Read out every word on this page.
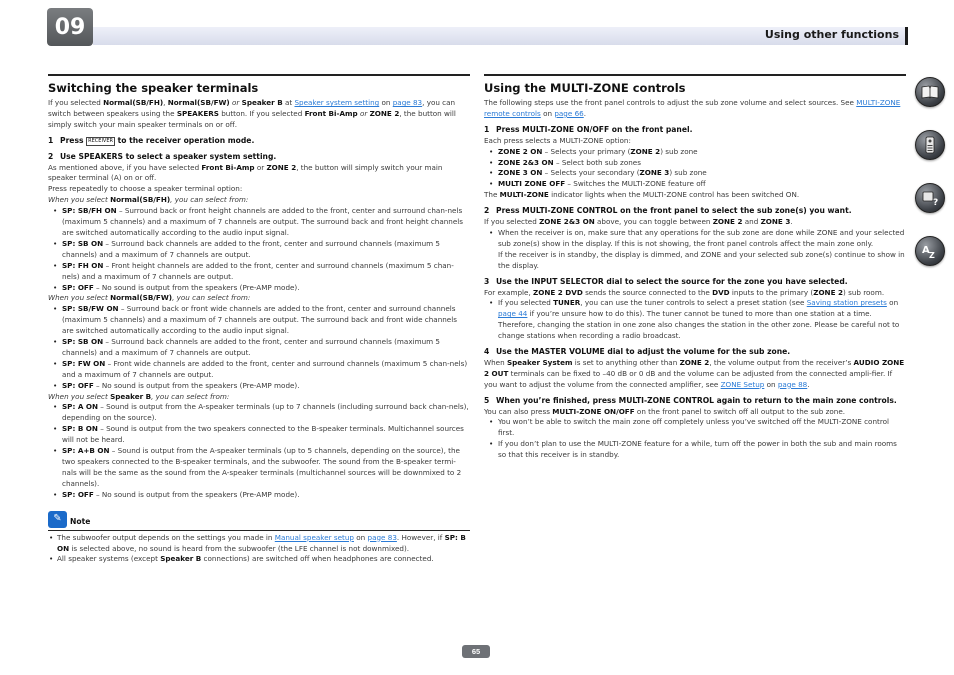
09	Using other functions
Switching the speaker terminals

If you selected Normal(SB/FH), Normal(SB/FW) or Speaker B at Speaker system setting on page 83, you can switch between speakers using the SPEAKERS button. If you selected Front Bi-Amp or ZONE 2, the button will simply switch your main speaker terminals on or off.

1 Press RECEIVER to the receiver operation mode.

2 Use SPEAKERS to select a speaker system setting.

As mentioned above, if you have selected Front Bi-Amp or ZONE 2, the button will simply switch your main speaker terminal (A) on or off.

Press repeatedly to choose a speaker terminal option:

When you select Normal(SB/FH), you can select from:

• SP: SB/FH ON – Surround back or front height channels are added to the front, center and surround chan-nels (maximum 5 channels) and a maximum of 7 channels are output. The surround back and front height channels are switched automatically according to the audio input signal.
• SP: SB ON – Surround back channels are added to the front, center and surround channels (maximum 5 channels) and a maximum of 7 channels are output.
• SP: FH ON – Front height channels are added to the front, center and surround channels (maximum 5 chan-nels) and a maximum of 7 channels are output.
• SP: OFF – No sound is output from the speakers (Pre-AMP mode).

When you select Normal(SB/FW), you can select from:

• SP: SB/FW ON – Surround back or front wide channels are added to the front, center and surround channels (maximum 5 channels) and a maximum of 7 channels are output. The surround back and front wide channels are switched automatically according to the audio input signal.
• SP: SB ON – Surround back channels are added to the front, center and surround channels (maximum 5 channels) and a maximum of 7 channels are output.
• SP: FW ON – Front wide channels are added to the front, center and surround channels (maximum 5 chan-nels) and a maximum of 7 channels are output.
• SP: OFF – No sound is output from the speakers (Pre-AMP mode).

When you select Speaker B, you can select from:

• SP: A ON – Sound is output from the A-speaker terminals (up to 7 channels (including surround back chan-nels), depending on the source).
• SP: B ON – Sound is output from the two speakers connected to the B-speaker terminals. Multichannel sources will not be heard.
• SP: A+B ON – Sound is output from the A-speaker terminals (up to 5 channels, depending on the source), the two speakers connected to the B-speaker terminals, and the subwoofer. The sound from the B-speaker termi-nals will be the same as the sound from the A-speaker terminals (multichannel sources will be downmixed to 2 channels).
• SP: OFF – No sound is output from the speakers (Pre-AMP mode).
✎	Note
• The subwoofer output depends on the settings you made in Manual speaker setup on page 83. However, if SP: B ON is selected above, no sound is heard from the subwoofer (the LFE channel is not downmixed).
• All speaker systems (except Speaker B connections) are switched off when headphones are connected.
Using the MULTI-ZONE controls

The following steps use the front panel controls to adjust the sub zone volume and select sources. See MULTI-ZONE remote controls on page 66.

1 Press MULTI-ZONE ON/OFF on the front panel.

Each press selects a MULTI-ZONE option:

• ZONE 2 ON – Selects your primary (ZONE 2) sub zone
• ZONE 2&3 ON – Select both sub zones
• ZONE 3 ON – Selects your secondary (ZONE 3) sub zone
• MULTI ZONE OFF – Switches the MULTI-ZONE feature off

The MULTI-ZONE indicator lights when the MULTI-ZONE control has been switched ON.

2 Press MULTI-ZONE CONTROL on the front panel to select the sub zone(s) you want.

If you selected ZONE 2&3 ON above, you can toggle between ZONE 2 and ZONE 3.

• When the receiver is on, make sure that any operations for the sub zone are done while ZONE and your selected sub zone(s) show in the display. If this is not showing, the front panel controls affect the main zone only.

If the receiver is in standby, the display is dimmed, and ZONE and your selected sub zone(s) continue to show in the display.

3 Use the INPUT SELECTOR dial to select the source for the zone you have selected.

For example, ZONE 2 DVD sends the source connected to the DVD inputs to the primary (ZONE 2) sub room.

• If you selected TUNER, you can use the tuner controls to select a preset station (see Saving station presets on page 44 if you’re unsure how to do this). The tuner cannot be tuned to more than one station at a time. Therefore, changing the station in one zone also changes the station in the other zone. Please be careful not to change stations when recording a radio broadcast.

4 Use the MASTER VOLUME dial to adjust the volume for the sub zone.

When Speaker System is set to anything other than ZONE 2, the volume output from the receiver’s AUDIO ZONE 2 OUT terminals can be fixed to –40 dB or 0 dB and the volume can be adjusted from the connected ampli-fier. If you want to adjust the volume from the connected amplifier, see ZONE Setup on page 88.

5 When you’re finished, press MULTI-ZONE CONTROL again to return to the main zone controls.

You can also press MULTI-ZONE ON/OFF on the front panel to switch off all output to the sub zone.

• You won’t be able to switch the main zone off completely unless you’ve switched off the MULTI-ZONE control first.
• If you don’t plan to use the MULTI-ZONE feature for a while, turn off the power in both the sub and main rooms so that this receiver is in standby.
?
A Z
65
